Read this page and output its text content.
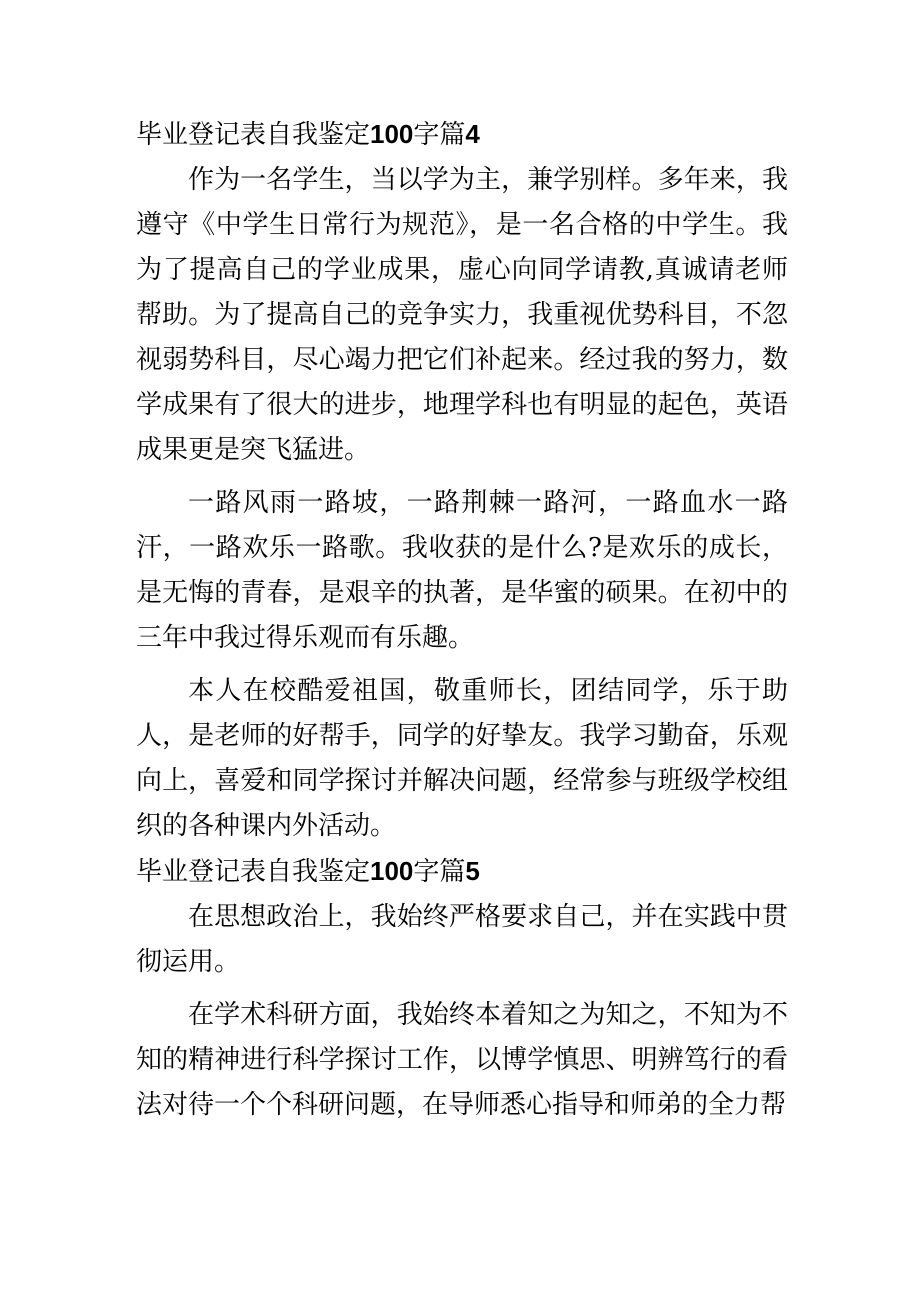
毕业登记表自我鉴定100字篇4

作为一名学生，当以学为主，兼学别样。多年来，我遵守《中学生日常行为规范》，是一名合格的中学生。我为了提高自己的学业成果，虚心向同学请教,真诚请老师帮助。为了提高自己的竞争实力，我重视优势科目，不忽视弱势科目，尽心竭力把它们补起来。经过我的努力，数学成果有了很大的进步，地理学科也有明显的起色，英语成果更是突飞猛进。

一路风雨一路坡，一路荆棘一路河，一路血水一路汗，一路欢乐一路歌。我收获的是什么?是欢乐的成长，是无悔的青春，是艰辛的执著，是华蜜的硕果。在初中的三年中我过得乐观而有乐趣。

本人在校酷爱祖国，敬重师长，团结同学，乐于助人，是老师的好帮手，同学的好挚友。我学习勤奋，乐观向上，喜爱和同学探讨并解决问题，经常参与班级学校组织的各种课内外活动。

毕业登记表自我鉴定100字篇5

在思想政治上，我始终严格要求自己，并在实践中贯彻运用。

在学术科研方面，我始终本着知之为知之，不知为不知的精神进行科学探讨工作，以博学慎思、明辨笃行的看法对待一个个科研问题，在导师悉心指导和师弟的全力帮
